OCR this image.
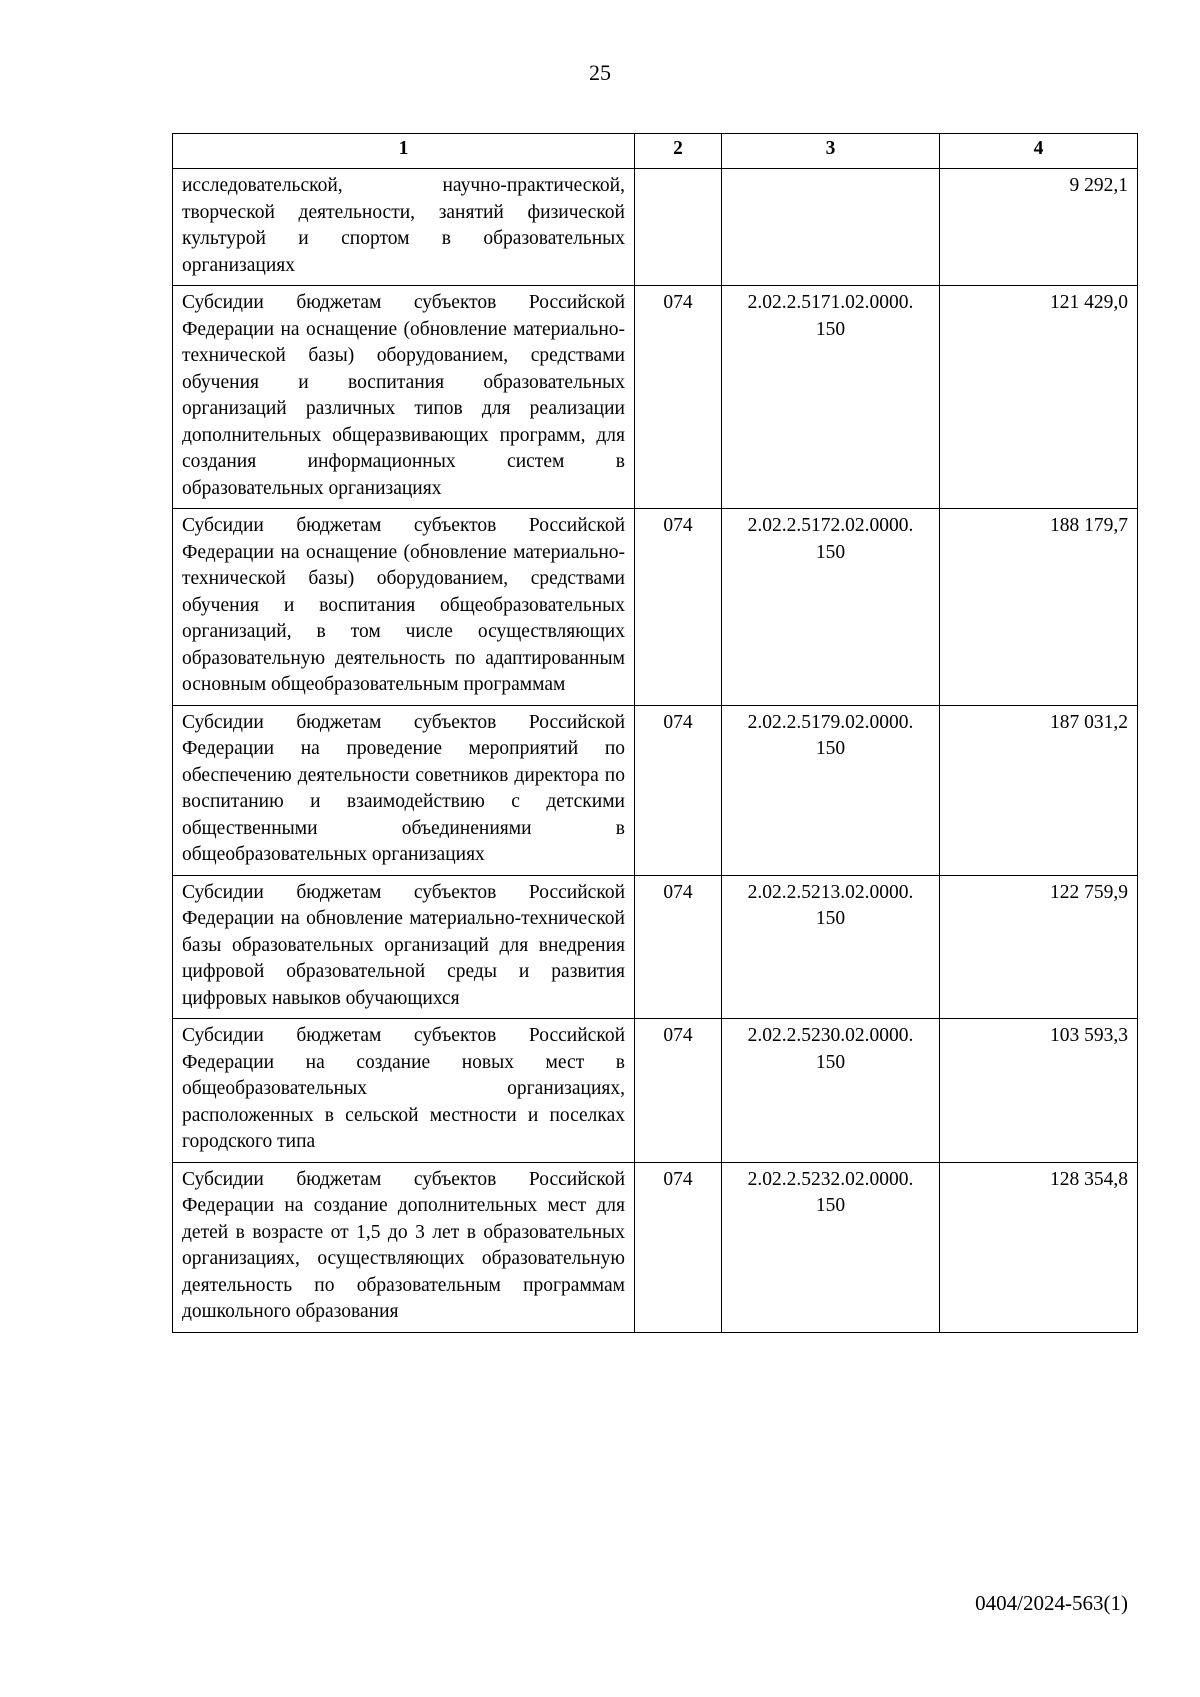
25
1	2	3	4
исследовательской, научно-практической, творческой деятельности, занятий физической культурой и спортом в образовательных организациях			9 292,1
Субсидии бюджетам субъектов Российской Федерации на оснащение (обновление материально-технической базы) оборудованием, средствами обучения и воспитания образовательных организаций различных типов для реализации дополнительных общеразвивающих программ, для создания информационных систем в образовательных организациях	074	2.02.2.5171.02.0000. 150	121 429,0
Субсидии бюджетам субъектов Российской Федерации на оснащение (обновление материально-технической базы) оборудованием, средствами обучения и воспитания общеобразовательных организаций, в том числе осуществляющих образовательную деятельность по адаптированным основным общеобразовательным программам	074	2.02.2.5172.02.0000. 150	188 179,7
Субсидии бюджетам субъектов Российской Федерации на проведение мероприятий по обеспечению деятельности советников директора по воспитанию и взаимодействию с детскими общественными объединениями в общеобразовательных организациях	074	2.02.2.5179.02.0000. 150	187 031,2
Субсидии бюджетам субъектов Российской Федерации на обновление материально-технической базы образовательных организаций для внедрения цифровой образовательной среды и развития цифровых навыков обучающихся	074	2.02.2.5213.02.0000. 150	122 759,9
Субсидии бюджетам субъектов Российской Федерации на создание новых мест в общеобразовательных организациях, расположенных в сельской местности и поселках городского типа	074	2.02.2.5230.02.0000. 150	103 593,3
Субсидии бюджетам субъектов Российской Федерации на создание дополнительных мест для детей в возрасте от 1,5 до 3 лет в образовательных организациях, осуществляющих образовательную деятельность по образовательным программам дошкольного образования	074	2.02.2.5232.02.0000. 150	128 354,8
0404/2024-563(1)
